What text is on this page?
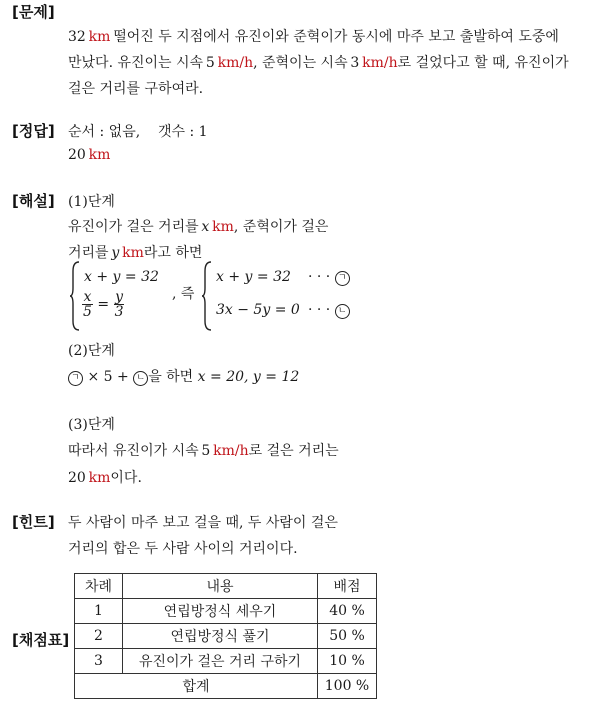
[문제]
32  km  떨어진 두 지점에서 유진이와 준혁이가 동시에 마주 보고 출발하여 도중에
만났다. 유진이는 시속  5  km/h, 준혁이는 시속  3  km/h로 걸었다고 할 때, 유진이가
걸은 거리를 구하여라.
[정답] 순서 : 없음, 갯수 : 1
20  km
[해설] (1)단계
유진이가 걸은 거리를  x  km, 준혁이가 걸은
거리를  y  km라고 하면
x + y = 32
$\frac{x}{5} = \frac{y}{3}$	, 즉
x + y = 32 · · · ㄱ
3x − 5y = 0 · · · ㄴ
(2)단계
ㄱ × 5 + ㄴ 을 하면 x = 20, y = 12
(3)단계
따라서 유진이가 시속  5  km/h로 걸은 거리는
20  km이다.
[힌트] 두 사람이 마주 보고 걸을 때, 두 사람이 걸은
거리의 합은 두 사람 사이의 거리이다.
[채점표]
차례	내용	배점
1	연립방정식 세우기	40 %
2	연립방정식 풀기	50 %
3	유진이가 걸은 거리 구하기	10 %
합계		100 %
